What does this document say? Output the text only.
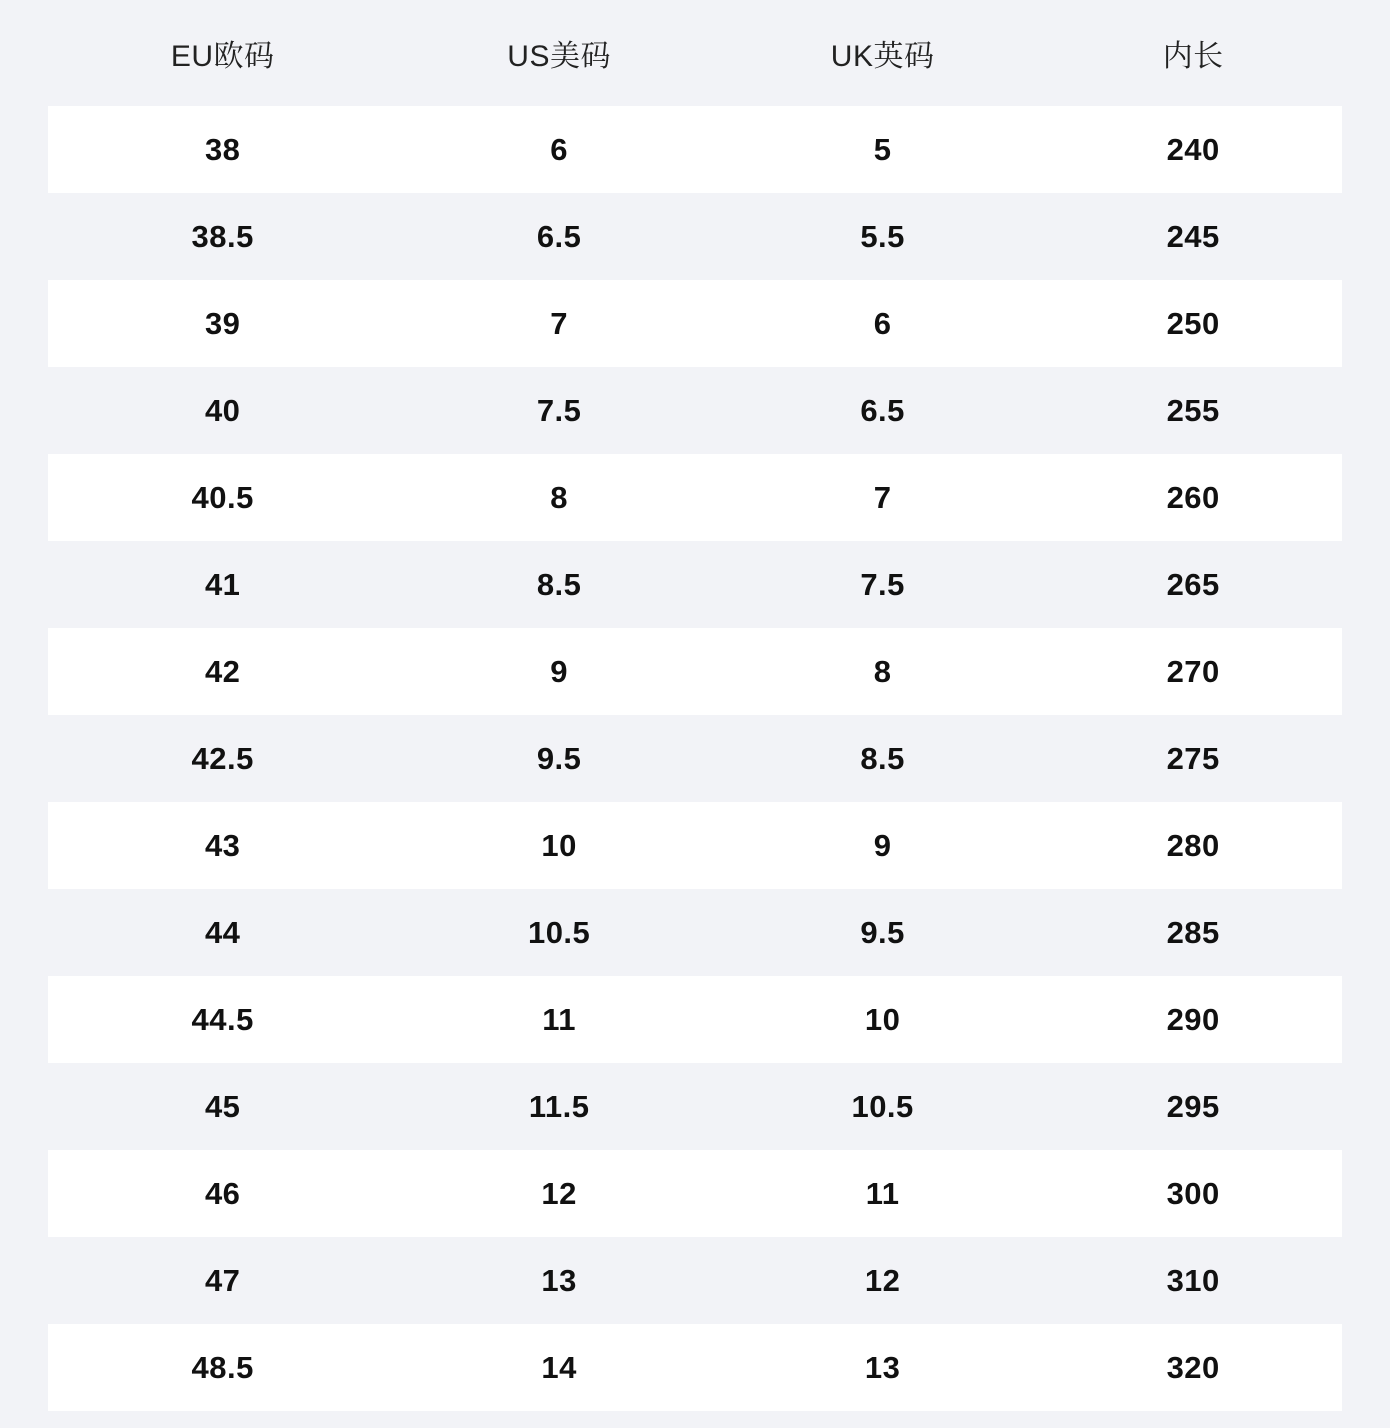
EU欧码	US美码	UK英码	内长
38	6	5	240
38.5	6.5	5.5	245
39	7	6	250
40	7.5	6.5	255
40.5	8	7	260
41	8.5	7.5	265
42	9	8	270
42.5	9.5	8.5	275
43	10	9	280
44	10.5	9.5	285
44.5	11	10	290
45	11.5	10.5	295
46	12	11	300
47	13	12	310
48.5	14	13	320
